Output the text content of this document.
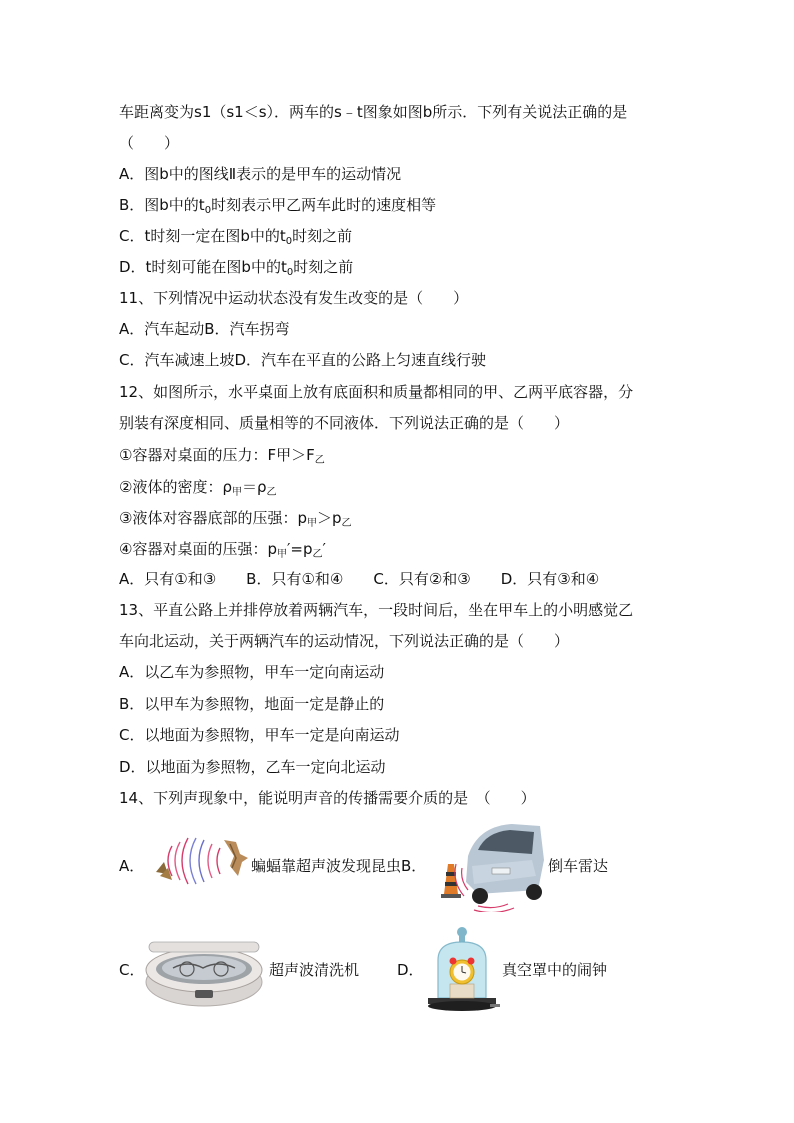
车距离变为s1（s1＜s）．两车的s﹣t图象如图b所示．下列有关说法正确的是
（　　）
A．图b中的图线Ⅱ表示的是甲车的运动情况
B．图b中的$t_0$时刻表示甲乙两车此时的速度相等
C．t时刻一定在图b中的$t_0$时刻之前
D．t时刻可能在图b中的$t_0$时刻之前
11、下列情况中运动状态没有发生改变的是（　　）
A．汽车起动B．汽车拐弯
C．汽车减速上坡D．汽车在平直的公路上匀速直线行驶
12、如图所示，水平桌面上放有底面积和质量都相同的甲、乙两平底容器，分
别装有深度相同、质量相等的不同液体．下列说法正确的是（　　）
①容器对桌面的压力：F甲$>F_乙$
②液体的密度：$\rho_甲=\rho_乙$
③液体对容器底部的压强：$p_甲>p_乙$
④容器对桌面的压强：$p_甲'=p_乙'$
A．只有①和③　　B．只有①和④　　C．只有②和③　　D．只有③和④
13、平直公路上并排停放着两辆汽车，一段时间后，坐在甲车上的小明感觉乙
车向北运动，关于两辆汽车的运动情况，下列说法正确的是（　　）
A．以乙车为参照物，甲车一定向南运动
B．以甲车为参照物，地面一定是静止的
C．以地面为参照物，甲车一定是向南运动
D．以地面为参照物，乙车一定向北运动
14、下列声现象中，能说明声音的传播需要介质的是　（　　）
A．	蝙蝠靠超声波发现昆虫B．	倒车雷达
C．	超声波清洗机	D．	真空罩中的闹钟
